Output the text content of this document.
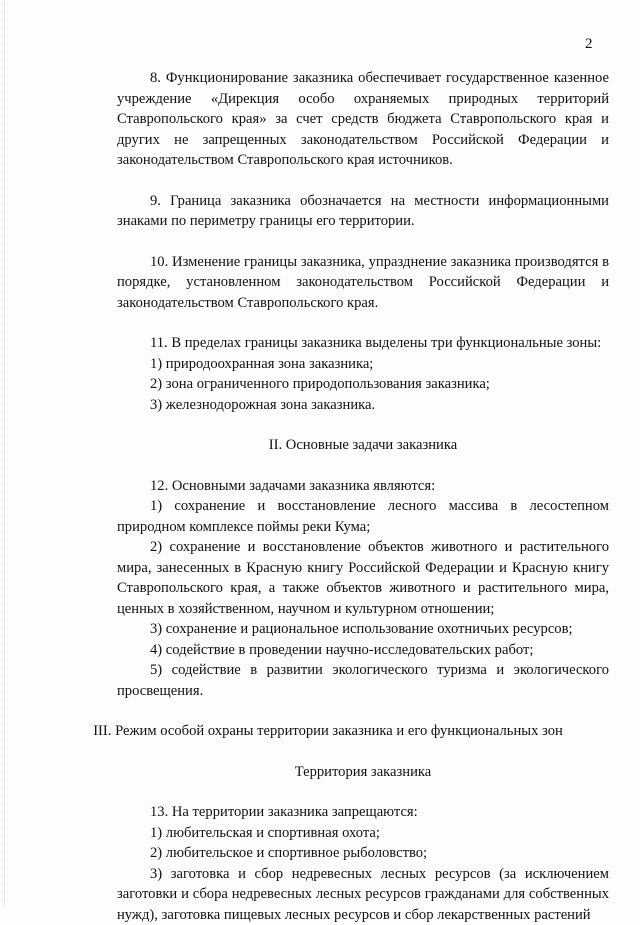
2

8. Функционирование заказника обеспечивает государственное казенное учреждение «Дирекция особо охраняемых природных территорий Ставропольского края» за счет средств бюджета Ставропольского края и других не запрещенных законодательством Российской Федерации и законодательством Ставропольского края источников.

9. Граница заказника обозначается на местности информационными знаками по периметру границы его территории.

10. Изменение границы заказника, упразднение заказника производятся в порядке, установленном законодательством Российской Федерации и законодательством Ставропольского края.

11. В пределах границы заказника выделены три функциональные зоны:

1) природоохранная зона заказника;

2) зона ограниченного природопользования заказника;

3) железнодорожная зона заказника.

II. Основные задачи заказника

12. Основными задачами заказника являются:

1) сохранение и восстановление лесного массива в лесостепном природном комплексе поймы реки Кума;

2) сохранение и восстановление объектов животного и растительного мира, занесенных в Красную книгу Российской Федерации и Красную книгу Ставропольского края, а также объектов животного и растительного мира, ценных в хозяйственном, научном и культурном отношении;

3) сохранение и рациональное использование охотничьих ресурсов;

4) содействие в проведении научно-исследовательских работ;

5) содействие в развитии экологического туризма и экологического просвещения.

III. Режим особой охраны территории заказника и его функциональных зон

Территория заказника

13. На территории заказника запрещаются:

1) любительская и спортивная охота;

2) любительское и спортивное рыболовство;

3) заготовка и сбор недревесных лесных ресурсов (за исключением заготовки и сбора недревесных лесных ресурсов гражданами для собственных нужд), заготовка пищевых лесных ресурсов и сбор лекарственных растений
